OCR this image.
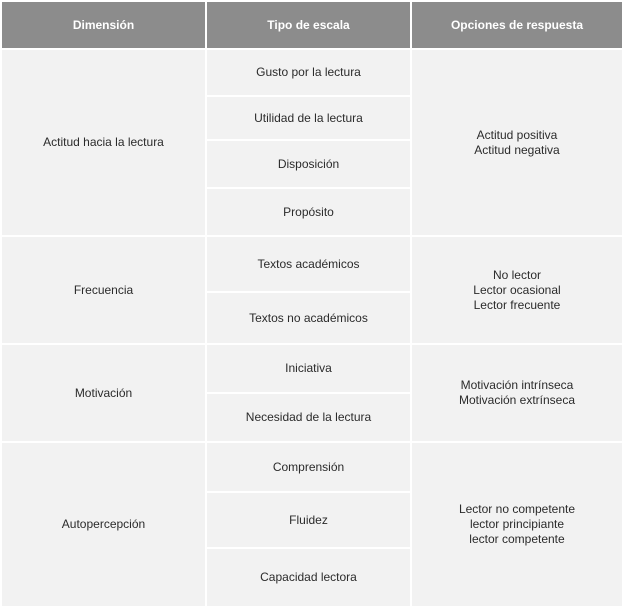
Dimensión	Tipo de escala	Opciones de respuesta
Actitud hacia la lectura
Gusto por la lectura
Utilidad de la lectura
Disposición
Propósito
Actitud positiva
Actitud negativa
Frecuencia
Textos académicos
Textos no académicos
No lector
Lector ocasional
Lector frecuente
Motivación
Iniciativa
Necesidad de la lectura
Motivación intrínseca
Motivación extrínseca
Autopercepción
Comprensión
Fluidez
Capacidad lectora
Lector no competente
lector principiante
lector competente
